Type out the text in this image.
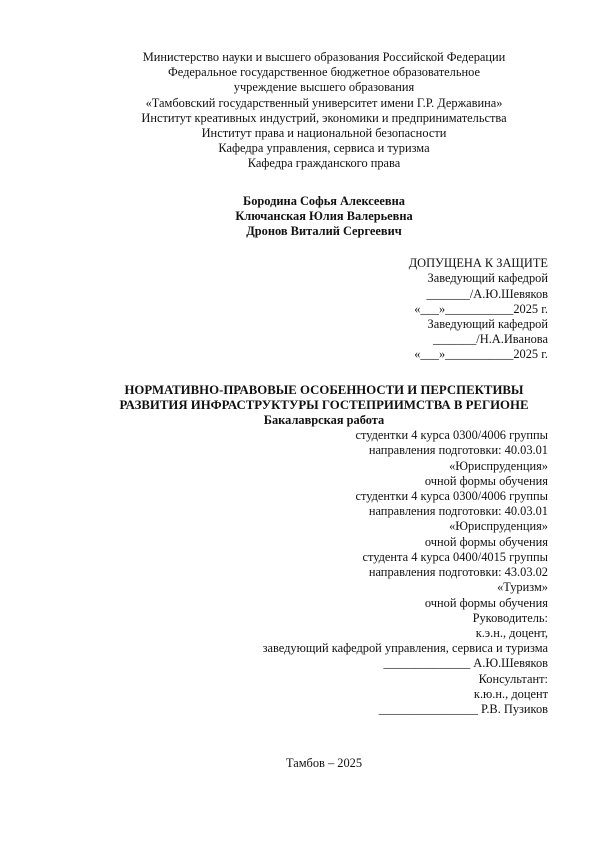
Министерство науки и высшего образования Российской Федерации
Федеральное государственное бюджетное образовательное
учреждение высшего образования
«Тамбовский государственный университет имени Г.Р. Державина»
Институт креативных индустрий, экономики и предпринимательства
Институт права и национальной безопасности
Кафедра управления, сервиса и туризма
Кафедра гражданского права
Бородина Софья Алексеевна
Ключанская Юлия Валерьевна
Дронов Виталий Сергеевич
ДОПУЩЕНА К ЗАЩИТЕ
Заведующий кафедрой
_______/А.Ю.Шевяков
«___»___________2025 г.
Заведующий кафедрой
_______/Н.А.Иванова
«___»___________2025 г.
НОРМАТИВНО-ПРАВОВЫЕ ОСОБЕННОСТИ И ПЕРСПЕКТИВЫ
РАЗВИТИЯ ИНФРАСТРУКТУРЫ ГОСТЕПРИИМСТВА В РЕГИОНЕ
Бакалаврская работа
студентки 4 курса 0300/4006 группы
направления подготовки: 40.03.01
«Юриспруденция»
очной формы обучения
студентки 4 курса 0300/4006 группы
направления подготовки: 40.03.01
«Юриспруденция»
очной формы обучения
студента 4 курса 0400/4015 группы
направления подготовки: 43.03.02
«Туризм»
очной формы обучения
Руководитель:
к.э.н., доцент,
заведующий кафедрой управления, сервиса и туризма
______________ А.Ю.Шевяков
Консультант:
к.ю.н., доцент
________________ Р.В. Пузиков
Тамбов – 2025
